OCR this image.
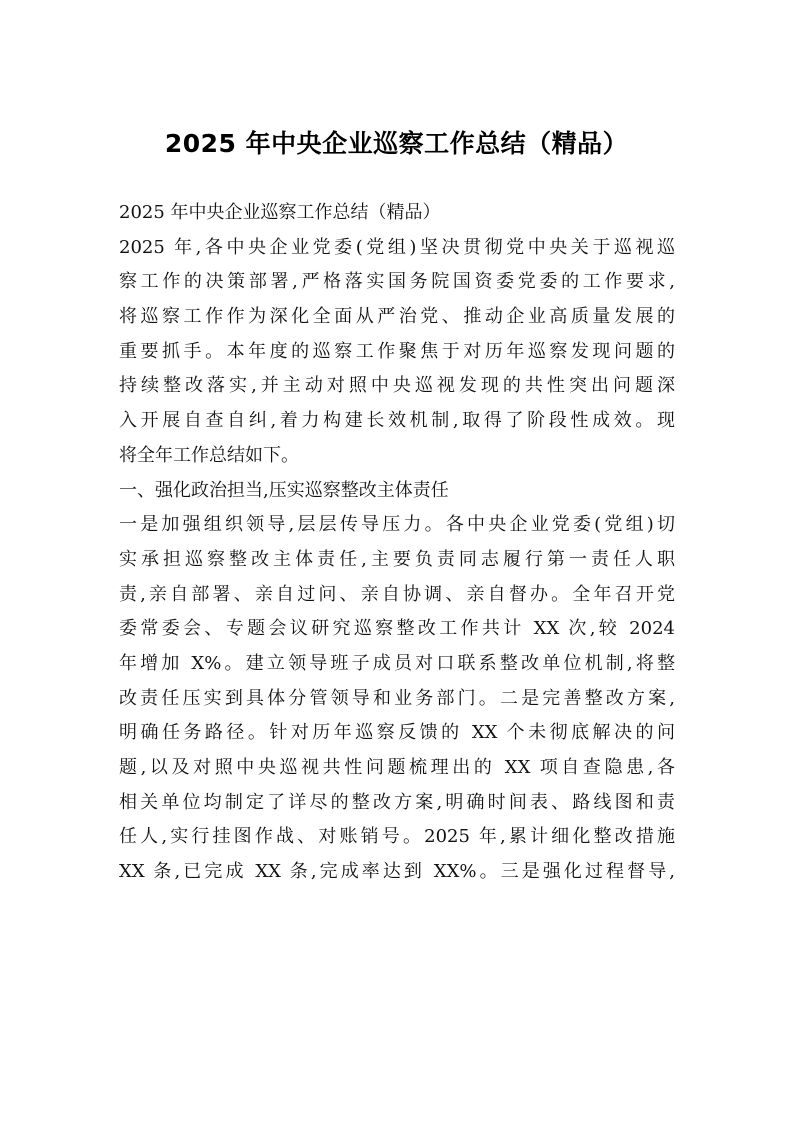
2025 年中央企业巡察工作总结（精品）
2025 年中央企业巡察工作总结（精品）
2025 年,各中央企业党委(党组)坚决贯彻党中央关于巡视巡
察工作的决策部署,严格落实国务院国资委党委的工作要求,
将巡察工作作为深化全面从严治党、推动企业高质量发展的
重要抓手。本年度的巡察工作聚焦于对历年巡察发现问题的
持续整改落实,并主动对照中央巡视发现的共性突出问题深
入开展自查自纠,着力构建长效机制,取得了阶段性成效。现
将全年工作总结如下。
一、强化政治担当,压实巡察整改主体责任
一是加强组织领导,层层传导压力。各中央企业党委(党组)切
实承担巡察整改主体责任,主要负责同志履行第一责任人职
责,亲自部署、亲自过问、亲自协调、亲自督办。全年召开党
委常委会、专题会议研究巡察整改工作共计 XX 次,较 2024
年增加 X%。建立领导班子成员对口联系整改单位机制,将整
改责任压实到具体分管领导和业务部门。二是完善整改方案,
明确任务路径。针对历年巡察反馈的 XX 个未彻底解决的问
题,以及对照中央巡视共性问题梳理出的 XX 项自查隐患,各
相关单位均制定了详尽的整改方案,明确时间表、路线图和责
任人,实行挂图作战、对账销号。2025 年,累计细化整改措施
XX 条,已完成 XX 条,完成率达到 XX%。三是强化过程督导,
